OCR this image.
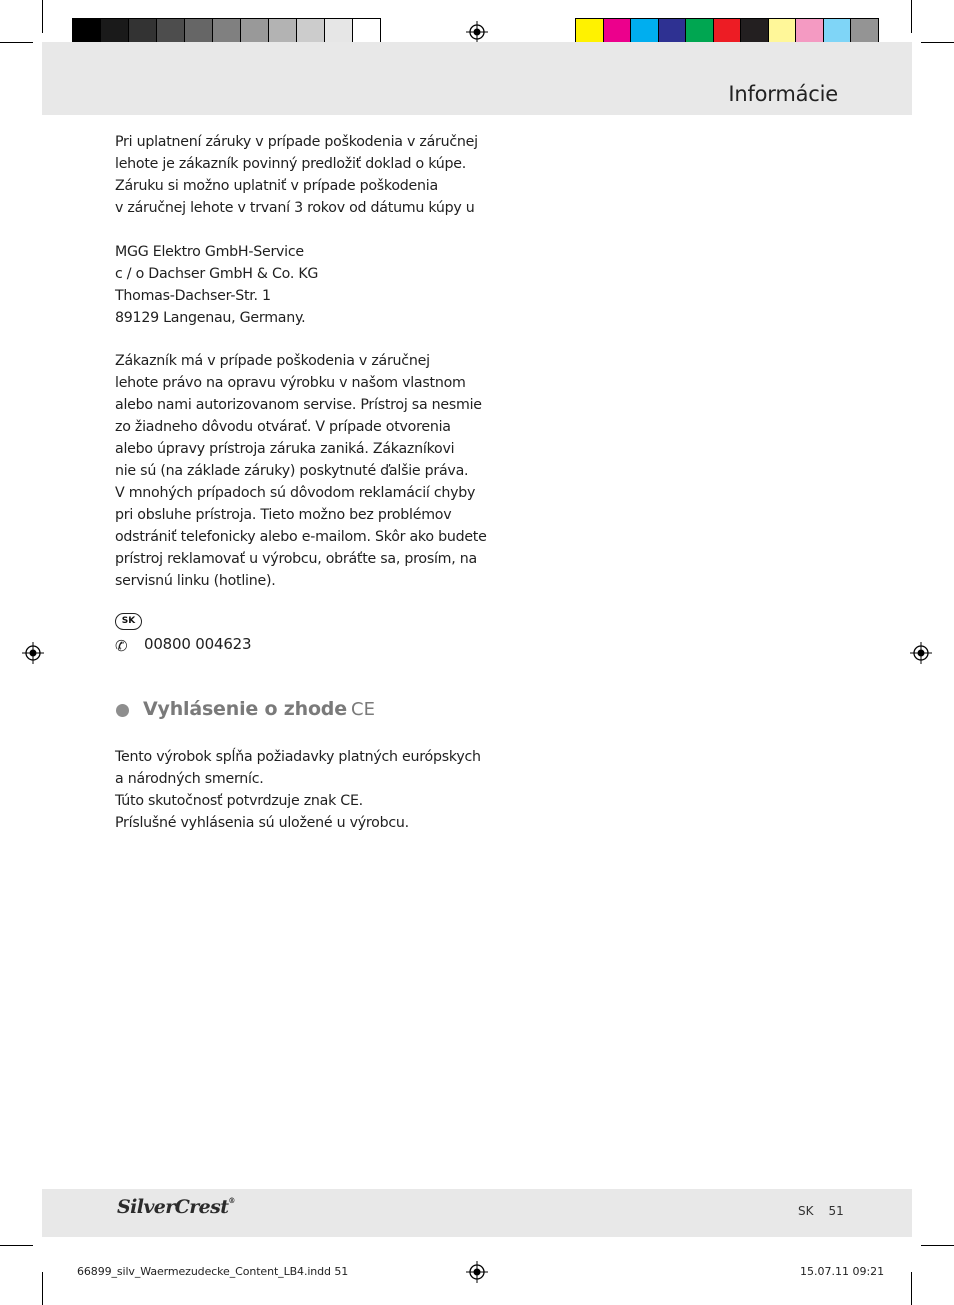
Informácie
Pri uplatnení záruky v prípade poškodenia v záručnej
lehote je zákazník povinný predložiť doklad o kúpe.
Záruku si možno uplatniť v prípade poškodenia
v záručnej lehote v trvaní 3 rokov od dátumu kúpy u
MGG Elektro GmbH-Service
c / o Dachser GmbH & Co. KG
Thomas-Dachser-Str. 1
89129 Langenau, Germany.
Zákazník má v prípade poškodenia v záručnej
lehote právo na opravu výrobku v našom vlastnom
alebo nami autorizovanom servise. Prístroj sa nesmie
zo žiadneho dôvodu otvárať. V prípade otvorenia
alebo úpravy prístroja záruka zaniká. Zákazníkovi
nie sú (na základe záruky) poskytnuté ďalšie práva.
V mnohých prípadoch sú dôvodom reklamácií chyby
pri obsluhe prístroja. Tieto možno bez problémov
odstrániť telefonicky alebo e-mailom. Skôr ako budete
prístroj reklamovať u výrobcu, obráťte sa, prosím, na
servisnú linku (hotline).
SK
✆ 00800 004623
Vyhlásenie o zhode CE
Tento výrobok spĺňa požiadavky platných európskych
a národných smerníc.
Túto skutočnosť potvrdzuje znak CE.
Príslušné vyhlásenia sú uložené u výrobcu.
SilverCrest®
SK 51
66899_silv_Waermezudecke_Content_LB4.indd 51	15.07.11 09:21
